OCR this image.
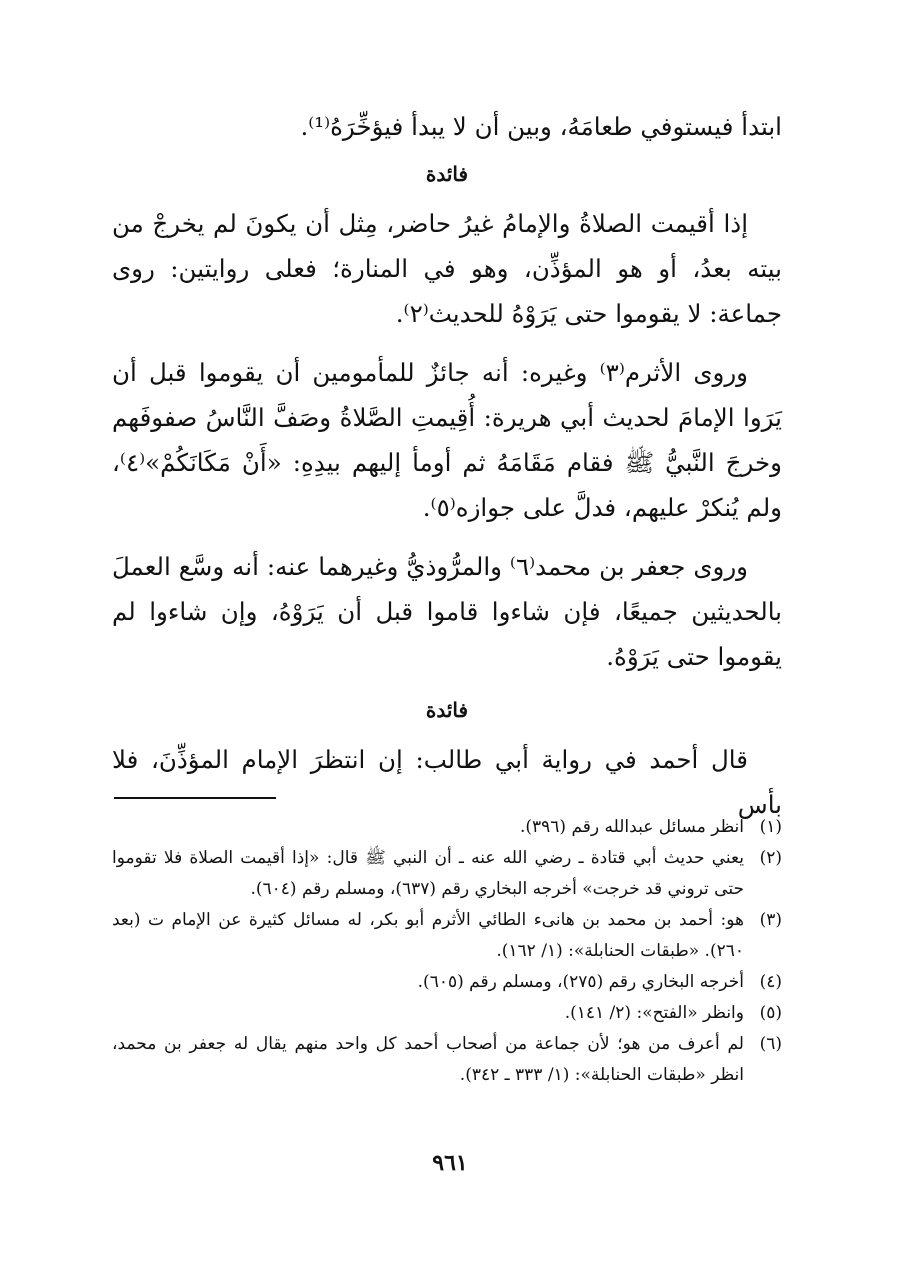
ابتدأ فيستوفي طعامَهُ، وبين أن لا يبدأ فيؤخِّرَهُ⁽¹⁾.

فائدة

إذا أقيمت الصلاةُ والإمامُ غيرُ حاضر، مِثل أن يكونَ لم يخرجْ من بيته بعدُ، أو هو المؤذِّن، وهو في المنارة؛ فعلى روايتين: روى جماعة: لا يقوموا حتى يَرَوْهُ للحديث⁽٢⁾.

وروى الأثرم⁽٣⁾ وغيره: أنه جائزٌ للمأمومين أن يقوموا قبل أن يَرَوا الإمامَ لحديث أبي هريرة: أُقِيمتِ الصَّلاةُ وصَفَّ النَّاسُ صفوفَهم وخرجَ النَّبيُّ ﷺ فقام مَقَامَهُ ثم أومأ إليهم بيدِهِ: «أَنْ مَكَانَكُمْ»⁽٤⁾، ولم يُنكرْ عليهم، فدلَّ على جوازه⁽٥⁾.

وروى جعفر بن محمد⁽٦⁾ والمرُّوذيُّ وغيرهما عنه: أنه وسَّع العملَ بالحديثين جميعًا، فإن شاءوا قاموا قبل أن يَرَوْهُ، وإن شاءوا لم يقوموا حتى يَرَوْهُ.

فائدة

قال أحمد في رواية أبي طالب: إن انتظرَ الإمام المؤذِّنَ، فلا بأس

(١)
انظر مسائل عبدالله رقم (٣٩٦).
(٢)
يعني حديث أبي قتادة ـ رضي الله عنه ـ أن النبي ﷺ قال: «إذا أقيمت الصلاة فلا تقوموا حتى تروني قد خرجت» أخرجه البخاري رقم (٦٣٧)، ومسلم رقم (٦٠٤).
(٣)
هو: أحمد بن محمد بن هانىء الطائي الأثرم أبو بكر، له مسائل كثيرة عن الإمام ت (بعد ٢٦٠). «طبقات الحنابلة»: (١/ ١٦٢).
(٤)
أخرجه البخاري رقم (٢٧٥)، ومسلم رقم (٦٠٥).
(٥)
وانظر «الفتح»: (٢/ ١٤١).
(٦)
لم أعرف من هو؛ لأن جماعة من أصحاب أحمد كل واحد منهم يقال له جعفر بن محمد، انظر «طبقات الحنابلة»: (١/ ٣٣٣ ـ ٣٤٢).
٩٦١
